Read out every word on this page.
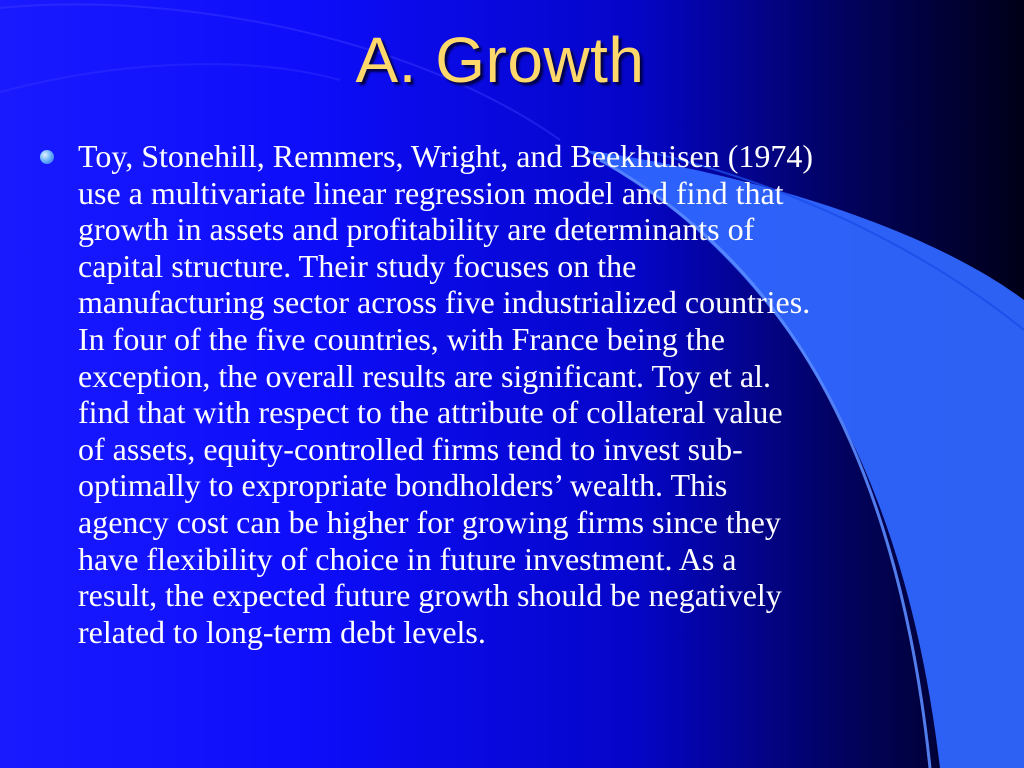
A. Growth

Toy, Stonehill, Remmers, Wright, and Beekhuisen (1974)
use a multivariate linear regression model and find that
growth in assets and profitability are determinants of
capital structure. Their study focuses on the
manufacturing sector across five industrialized countries.
In four of the five countries, with France being the
exception, the overall results are significant. Toy et al.
find that with respect to the attribute of collateral value
of assets, equity-controlled firms tend to invest sub-
optimally to expropriate bondholders’ wealth. This
agency cost can be higher for growing firms since they
have flexibility of choice in future investment. As a
result, the expected future growth should be negatively
related to long-term debt levels.
